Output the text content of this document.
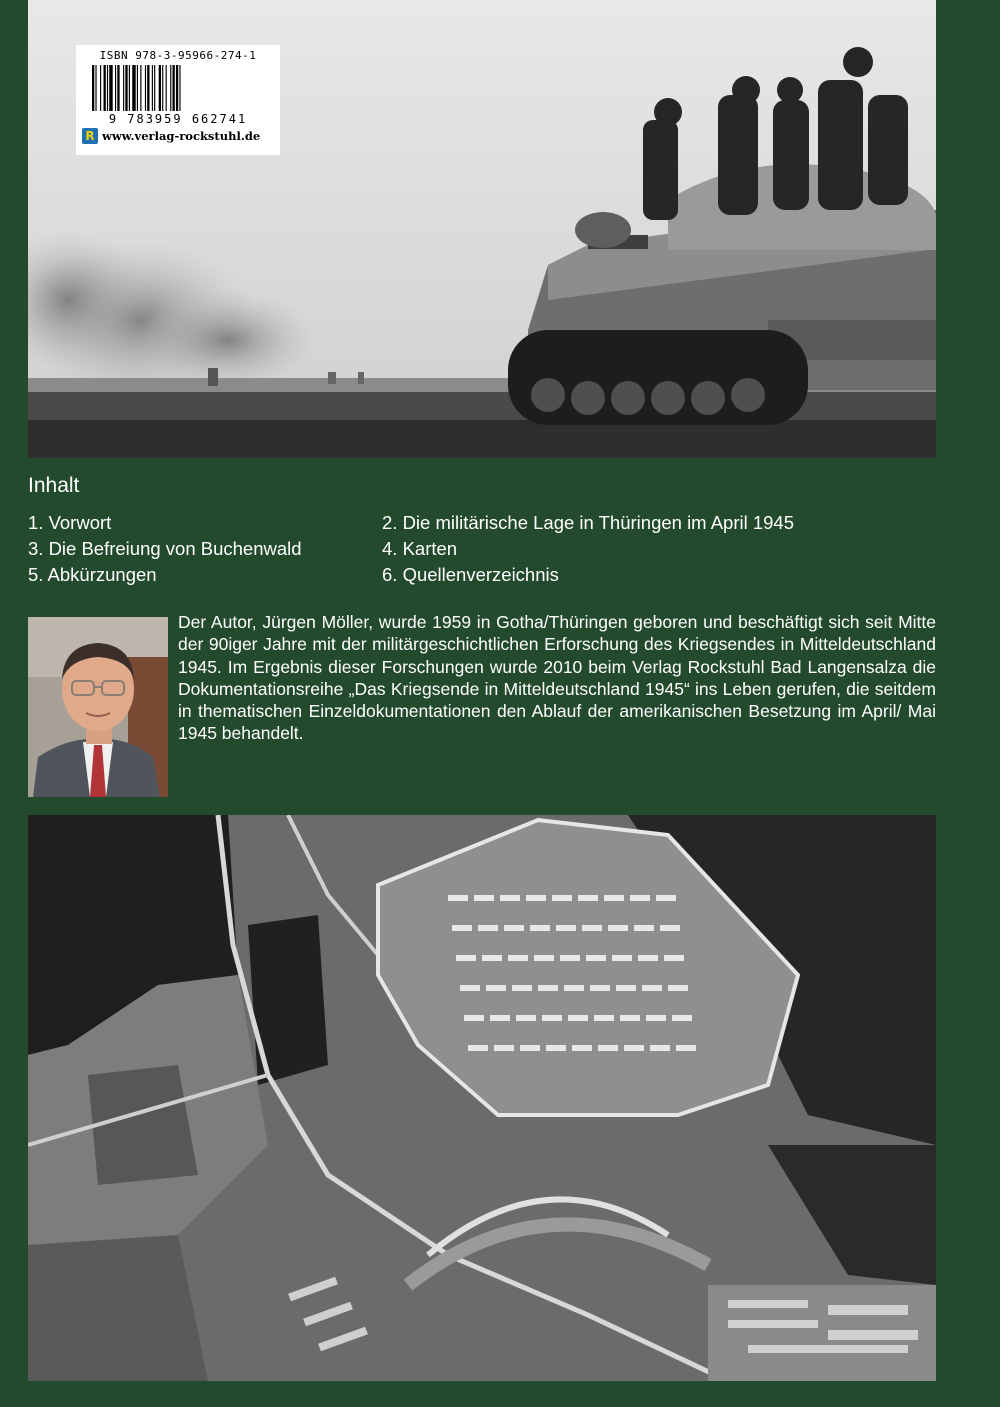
ISBN 978-3-95966-274-1
9 783959 662741
R www.verlag-rockstuhl.de
Inhalt
1. Vorwort	2. Die militärische Lage in Thüringen im April 1945
3. Die Befreiung von Buchenwald	4. Karten
5. Abkürzungen	6. Quellenverzeichnis
Der Autor, Jürgen Möller, wurde 1959 in Gotha/Thüringen geboren und beschäftigt sich seit Mitte der 90iger Jahre mit der militärgeschichtlichen Erforschung des Kriegsendes in Mitteldeutschland 1945. Im Ergebnis dieser Forschungen wurde 2010 beim Verlag Rockstuhl Bad Langensalza die Dokumentationsreihe „Das Kriegsende in Mitteldeutschland 1945“ ins Leben gerufen, die seitdem in thematischen Einzeldokumentationen den Ablauf der amerikanischen Besetzung im April/ Mai 1945 behandelt.
